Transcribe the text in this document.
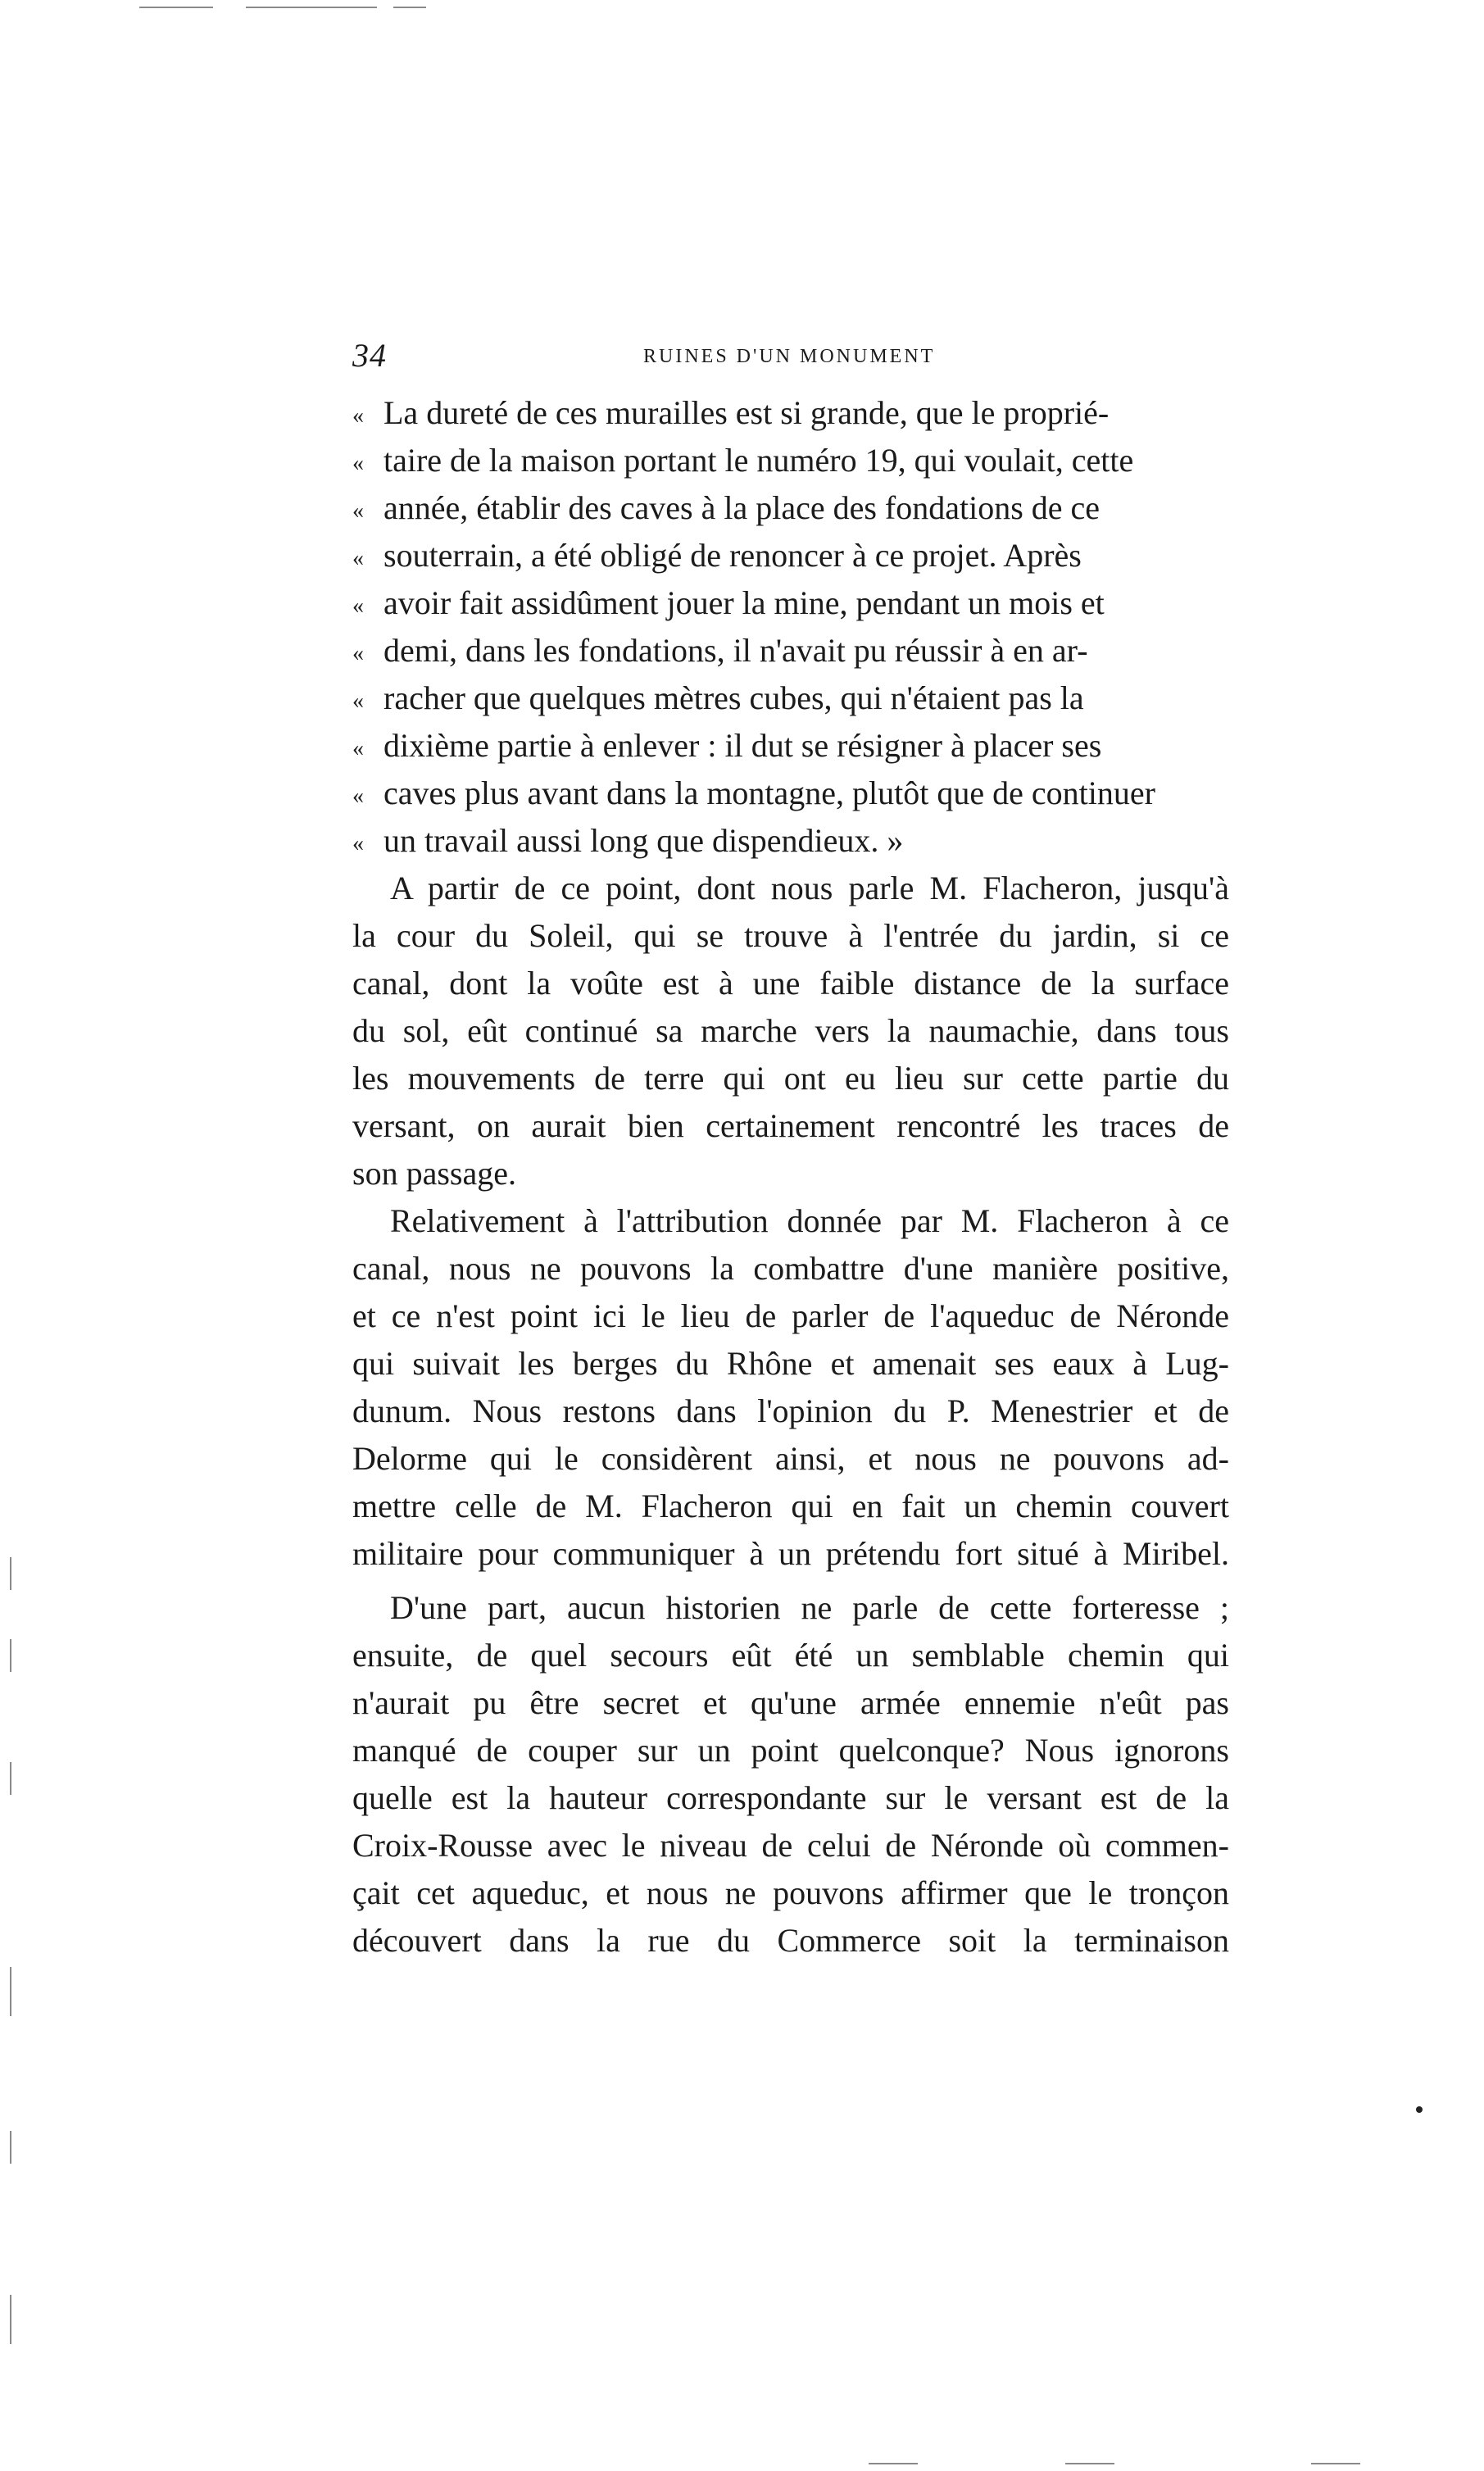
34	RUINES D'UN MONUMENT
« La dureté de ces murailles est si grande, que le proprié-
« taire de la maison portant le numéro 19, qui voulait, cette
« année, établir des caves à la place des fondations de ce
« souterrain, a été obligé de renoncer à ce projet. Après
« avoir fait assidûment jouer la mine, pendant un mois et
« demi, dans les fondations, il n'avait pu réussir à en ar-
« racher que quelques mètres cubes, qui n'étaient pas la
« dixième partie à enlever : il dut se résigner à placer ses
« caves plus avant dans la montagne, plutôt que de continuer
« un travail aussi long que dispendieux. »
A partir de ce point, dont nous parle M. Flacheron, jusqu'à
la cour du Soleil, qui se trouve à l'entrée du jardin, si ce
canal, dont la voûte est à une faible distance de la surface
du sol, eût continué sa marche vers la naumachie, dans tous
les mouvements de terre qui ont eu lieu sur cette partie du
versant, on aurait bien certainement rencontré les traces de
son passage.
Relativement à l'attribution donnée par M. Flacheron à ce
canal, nous ne pouvons la combattre d'une manière positive,
et ce n'est point ici le lieu de parler de l'aqueduc de Néronde
qui suivait les berges du Rhône et amenait ses eaux à Lug-
dunum. Nous restons dans l'opinion du P. Menestrier et de
Delorme qui le considèrent ainsi, et nous ne pouvons ad-
mettre celle de M. Flacheron qui en fait un chemin couvert
militaire pour communiquer à un prétendu fort situé à Miribel.
D'une part, aucun historien ne parle de cette forteresse ;
ensuite, de quel secours eût été un semblable chemin qui
n'aurait pu être secret et qu'une armée ennemie n'eût pas
manqué de couper sur un point quelconque? Nous ignorons
quelle est la hauteur correspondante sur le versant est de la
Croix-Rousse avec le niveau de celui de Néronde où commen-
çait cet aqueduc, et nous ne pouvons affirmer que le tronçon
découvert dans la rue du Commerce soit la terminaison
